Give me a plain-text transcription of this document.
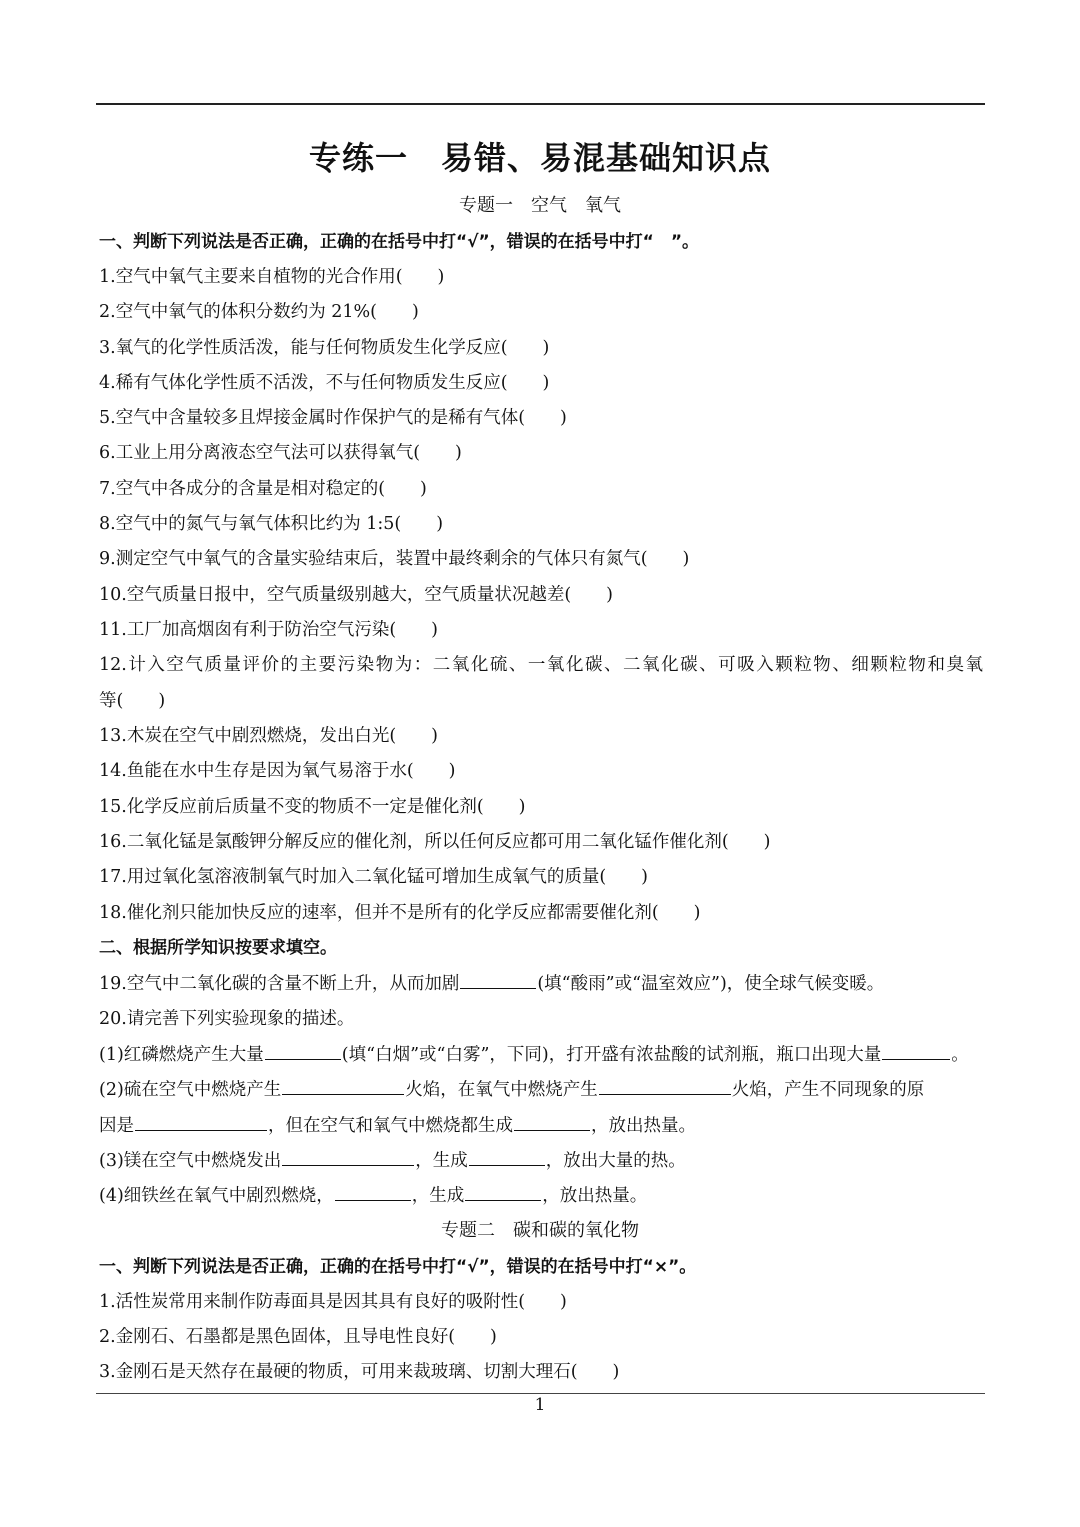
专练一　易错、易混基础知识点
专题一　空气　氧气
一、判断下列说法是否正确，正确的在括号中打“√”，错误的在括号中打“　”。
1.空气中氧气主要来自植物的光合作用(　　)
2.空气中氧气的体积分数约为 21%(　　)
3.氧气的化学性质活泼，能与任何物质发生化学反应(　　)
4.稀有气体化学性质不活泼，不与任何物质发生反应(　　)
5.空气中含量较多且焊接金属时作保护气的是稀有气体(　　)
6.工业上用分离液态空气法可以获得氧气(　　)
7.空气中各成分的含量是相对稳定的(　　)
8.空气中的氮气与氧气体积比约为 1:5(　　)
9.测定空气中氧气的含量实验结束后，装置中最终剩余的气体只有氮气(　　)
10.空气质量日报中，空气质量级别越大，空气质量状况越差(　　)
11.工厂加高烟囱有利于防治空气污染(　　)
12.计入空气质量评价的主要污染物为：二氧化硫、一氧化碳、二氧化碳、可吸入颗粒物、细颗粒物和臭氧
等(　　)
13.木炭在空气中剧烈燃烧，发出白光(　　)
14.鱼能在水中生存是因为氧气易溶于水(　　)
15.化学反应前后质量不变的物质不一定是催化剂(　　)
16.二氧化锰是氯酸钾分解反应的催化剂，所以任何反应都可用二氧化锰作催化剂(　　)
17.用过氧化氢溶液制氧气时加入二氧化锰可增加生成氧气的质量(　　)
18.催化剂只能加快反应的速率，但并不是所有的化学反应都需要催化剂(　　)
二、根据所学知识按要求填空。
19.空气中二氧化碳的含量不断上升，从而加剧	(填“酸雨”或“温室效应”)，使全球气候变暖。
20.请完善下列实验现象的描述。
(1)红磷燃烧产生大量	(填“白烟”或“白雾”，下同)，打开盛有浓盐酸的试剂瓶，瓶口出现大量	。
(2)硫在空气中燃烧产生	火焰，在氧气中燃烧产生	火焰，产生不同现象的原
因是	，但在空气和氧气中燃烧都生成	，放出热量。
(3)镁在空气中燃烧发出	，生成	，放出大量的热。
(4)细铁丝在氧气中剧烈燃烧，	，生成	，放出热量。
专题二　碳和碳的氧化物
一、判断下列说法是否正确，正确的在括号中打“√”，错误的在括号中打“×”。
1.活性炭常用来制作防毒面具是因其具有良好的吸附性(　　)
2.金刚石、石墨都是黑色固体，且导电性良好(　　)
3.金刚石是天然存在最硬的物质，可用来裁玻璃、切割大理石(　　)
1
